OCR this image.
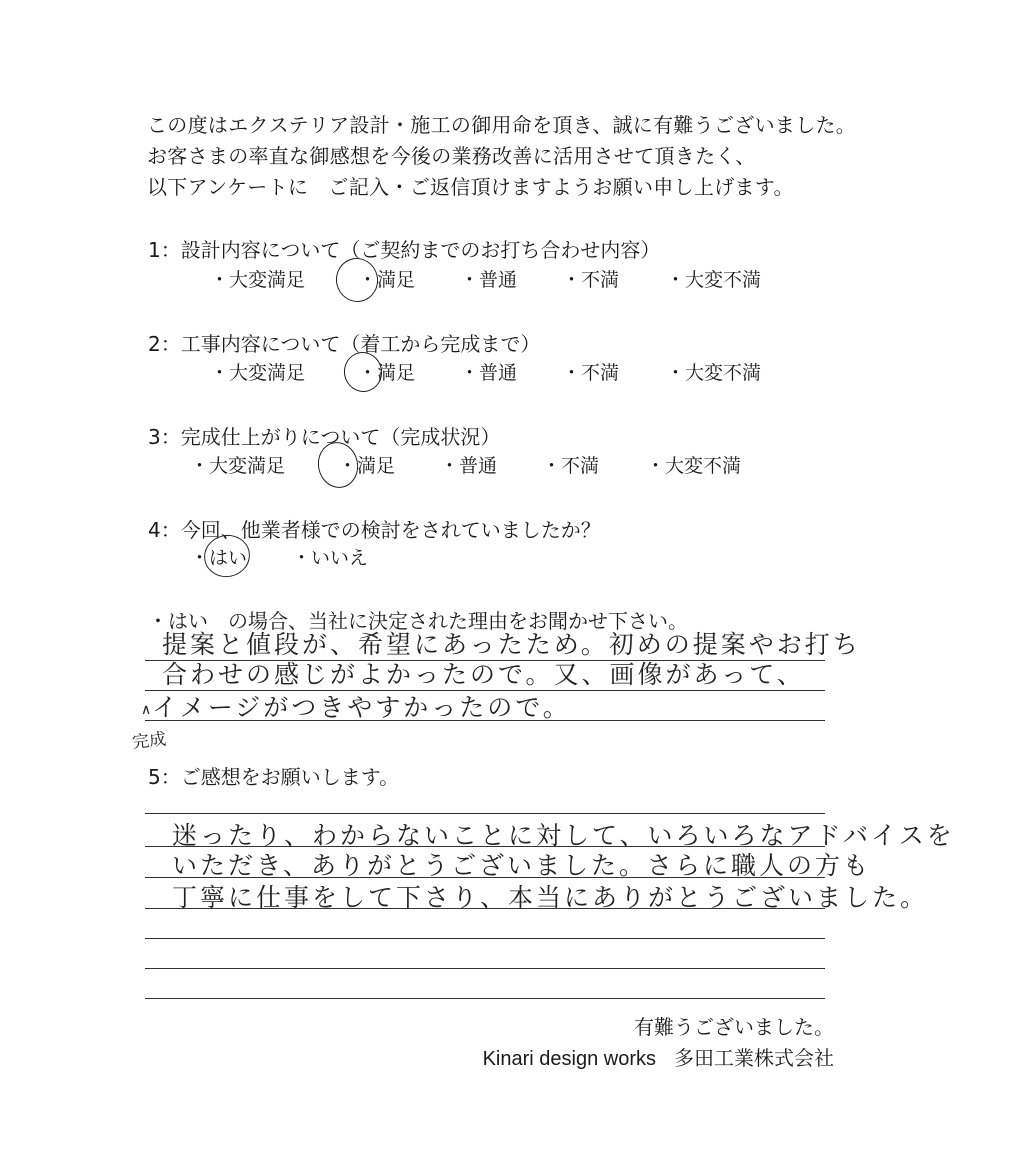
この度はエクステリア設計・施工の御用命を頂き、誠に有難うございました。
お客さまの率直な御感想を今後の業務改善に活用させて頂きたく、
以下アンケートに　ご記入・ご返信頂けますようお願い申し上げます。
1：設計内容について（ご契約までのお打ち合わせ内容）
・大変満足	・満足 ・普通 ・不満 ・大変不満
2：工事内容について（着工から完成まで）
・大変満足	・満足 ・普通 ・不満 ・大変不満
3：完成仕上がりについて（完成状況）
・大変満足	・満足 ・普通 ・不満 ・大変不満
4：今回、他業者様での検討をされていましたか？
・はい ・いいえ
・はい　の場合、当社に決定された理由をお聞かせ下さい。
提案と値段が、希望にあったため。初めの提案やお打ち
合わせの感じがよかったので。又、画像があって、
イメージがつきやすかったので。
∧
完成
5：ご感想をお願いします。
迷ったり、わからないことに対して、いろいろなアドバイスを
いただき、ありがとうございました。さらに職人の方も
丁寧に仕事をして下さり、本当にありがとうございました。
有難うございました。
Kinari design works 多田工業株式会社
